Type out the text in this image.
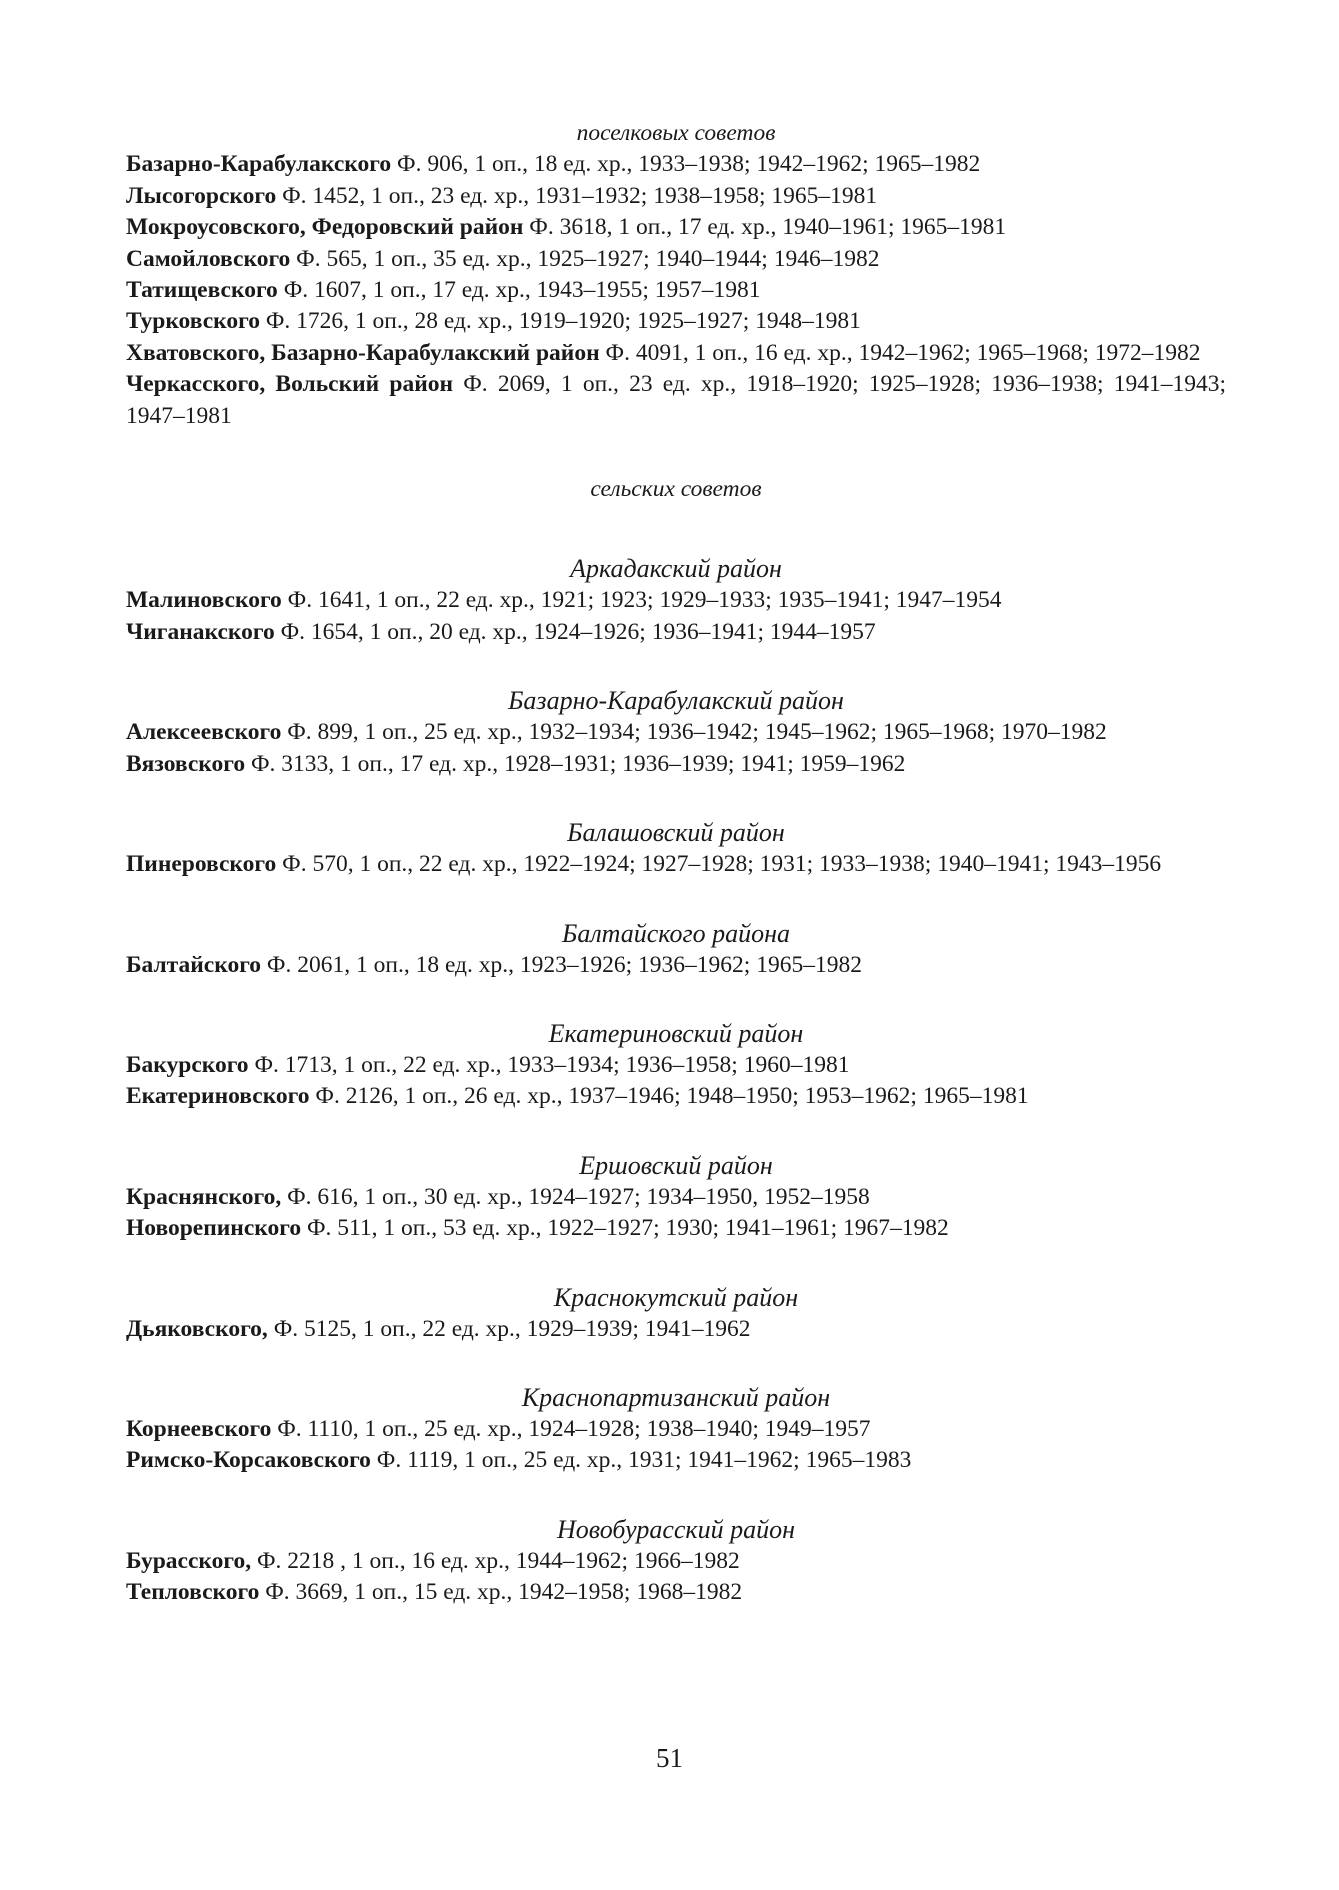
поселковых советов

Базарно-Карабулакского Ф. 906, 1 оп., 18 ед. хр., 1933–1938; 1942–1962; 1965–1982

Лысогорского Ф. 1452, 1 оп., 23 ед. хр., 1931–1932; 1938–1958; 1965–1981

Мокроусовского, Федоровский район Ф. 3618, 1 оп., 17 ед. хр., 1940–1961; 1965–1981

Самойловского Ф. 565, 1 оп., 35 ед. хр., 1925–1927; 1940–1944; 1946–1982

Татищевского Ф. 1607, 1 оп., 17 ед. хр., 1943–1955; 1957–1981

Турковского Ф. 1726, 1 оп., 28 ед. хр., 1919–1920; 1925–1927; 1948–1981

Хватовского, Базарно-Карабулакский район Ф. 4091, 1 оп., 16 ед. хр., 1942–1962; 1965–1968; 1972–1982

Черкасского, Вольский район Ф. 2069, 1 оп., 23 ед. хр., 1918–1920; 1925–1928; 1936–1938; 1941–1943; 1947–1981

сельских советов
Аркадакский район

Малиновского Ф. 1641, 1 оп., 22 ед. хр., 1921; 1923; 1929–1933; 1935–1941; 1947–1954

Чиганакского Ф. 1654, 1 оп., 20 ед. хр., 1924–1926; 1936–1941; 1944–1957

Базарно-Карабулакский район

Алексеевского Ф. 899, 1 оп., 25 ед. хр., 1932–1934; 1936–1942; 1945–1962; 1965–1968; 1970–1982

Вязовского Ф. 3133, 1 оп., 17 ед. хр., 1928–1931; 1936–1939; 1941; 1959–1962

Балашовский район

Пинеровского Ф. 570, 1 оп., 22 ед. хр., 1922–1924; 1927–1928; 1931; 1933–1938; 1940–1941; 1943–1956

Балтайского района

Балтайского Ф. 2061, 1 оп., 18 ед. хр., 1923–1926; 1936–1962; 1965–1982

Екатериновский район

Бакурского Ф. 1713, 1 оп., 22 ед. хр., 1933–1934; 1936–1958; 1960–1981

Екатериновского Ф. 2126, 1 оп., 26 ед. хр., 1937–1946; 1948–1950; 1953–1962; 1965–1981

Ершовский район

Краснянского, Ф. 616, 1 оп., 30 ед. хр., 1924–1927; 1934–1950, 1952–1958

Новорепинского Ф. 511, 1 оп., 53 ед. хр., 1922–1927; 1930; 1941–1961; 1967–1982

Краснокутский район

Дьяковского, Ф. 5125, 1 оп., 22 ед. хр., 1929–1939; 1941–1962

Краснопартизанский район

Корнеевского Ф. 1110, 1 оп., 25 ед. хр., 1924–1928; 1938–1940; 1949–1957

Римско-Корсаковского Ф. 1119, 1 оп., 25 ед. хр., 1931; 1941–1962; 1965–1983

Новобурасский район

Бурасского, Ф. 2218 , 1 оп., 16 ед. хр., 1944–1962; 1966–1982

Тепловского Ф. 3669, 1 оп., 15 ед. хр., 1942–1958; 1968–1982

51
